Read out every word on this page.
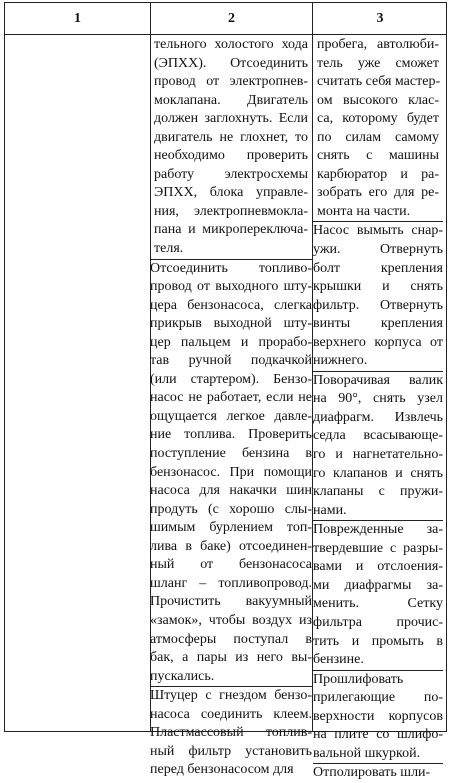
1	2	3
тельного холостого хода
(ЭПХХ). Отсоединить
провод от электропнев-
моклапана. Двигатель
должен заглохнуть. Если
двигатель не глохнет, то
необходимо проверить
работу электросхемы
ЭПХХ, блока управле-
ния, электропневмокла-
пана и микропереключа-
теля.
Отсоединить топливо-
провод от выходного шту-
цера бензонасоса, слегка
прикрыв выходной шту-
цер пальцем и прорабо-
тав ручной подкачкой
(или стартером). Бензо-
насос не работает, если не
ощущается легкое давле-
ние топлива. Проверить
поступление бензина в
бензонасос. При помощи
насоса для накачки шин
продуть (с хорошо слы-
шимым бурлением топ-
лива в баке) отсоединен-
ный от бензонасоса
шланг – топливопровод.
Прочистить вакуумный
«замок», чтобы воздух из
атмосферы поступал в
бак, а пары из него вы-
пускались.
Штуцер с гнездом бензо-
насоса соединить клеем.
Пластмассовый топлив-
ный фильтр установить
перед бензонасосом для
пробега, автолюби-
тель уже сможет
считать себя мастер-
ом высокого клас-
са, которому будет
по силам самому
снять с машины
карбюратор и ра-
зобрать его для ре-
монта на части.
Насос вымыть снар-
ужи. Отвернуть
болт крепления
крышки и снять
фильтр. Отвернуть
винты крепления
верхнего корпуса от
нижнего.
Поворачивая валик
на 90°, снять узел
диафрагм. Извлечь
седла всасывающе-
го и нагнетательно-
го клапанов и снять
клапаны с пружи-
нами.
Поврежденные за-
твердевшие с разры-
вами и отслоения-
ми диафрагмы за-
менить. Сетку
фильтра прочис-
тить и промыть в
бензине.
Прошлифовать
прилегающие по-
верхности корпусов
на плите со шлифо-
вальной шкуркой.
Отполировать шли-
